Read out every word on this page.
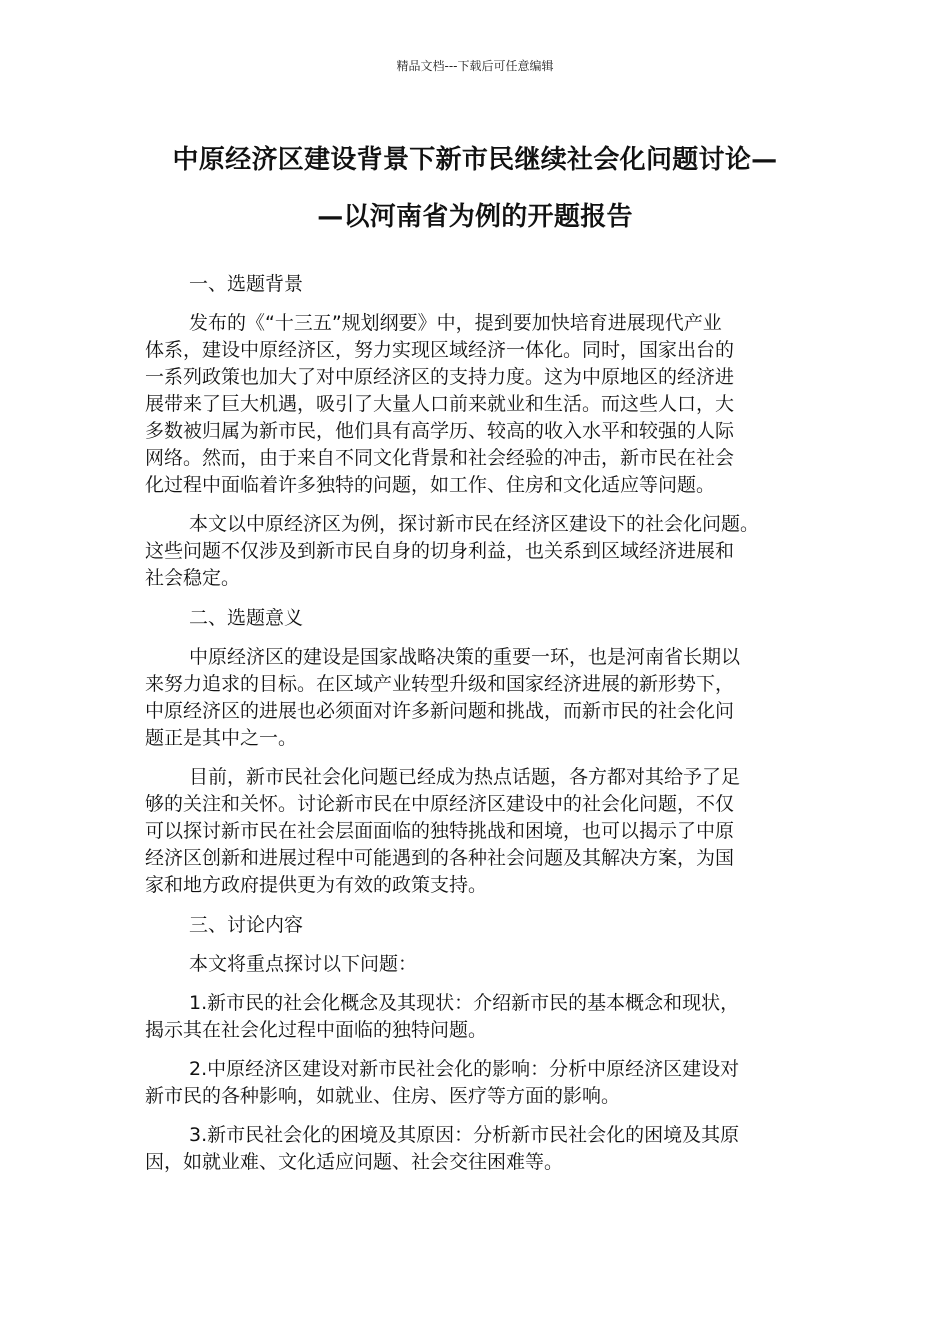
精品文档---下载后可任意编辑
中原经济区建设背景下新市民继续社会化问题讨论—
—以河南省为例的开题报告
一、选题背景
发布的《“十三五”规划纲要》中，提到要加快培育进展现代产业
体系，建设中原经济区，努力实现区域经济一体化。同时，国家出台的
一系列政策也加大了对中原经济区的支持力度。这为中原地区的经济进
展带来了巨大机遇，吸引了大量人口前来就业和生活。而这些人口，大
多数被归属为新市民，他们具有高学历、较高的收入水平和较强的人际
网络。然而，由于来自不同文化背景和社会经验的冲击，新市民在社会
化过程中面临着许多独特的问题，如工作、住房和文化适应等问题。
本文以中原经济区为例，探讨新市民在经济区建设下的社会化问题。
这些问题不仅涉及到新市民自身的切身利益，也关系到区域经济进展和
社会稳定。
二、选题意义
中原经济区的建设是国家战略决策的重要一环，也是河南省长期以
来努力追求的目标。在区域产业转型升级和国家经济进展的新形势下，
中原经济区的进展也必须面对许多新问题和挑战，而新市民的社会化问
题正是其中之一。
目前，新市民社会化问题已经成为热点话题，各方都对其给予了足
够的关注和关怀。讨论新市民在中原经济区建设中的社会化问题，不仅
可以探讨新市民在社会层面面临的独特挑战和困境，也可以揭示了中原
经济区创新和进展过程中可能遇到的各种社会问题及其解决方案，为国
家和地方政府提供更为有效的政策支持。
三、讨论内容
本文将重点探讨以下问题：
1.新市民的社会化概念及其现状：介绍新市民的基本概念和现状，
揭示其在社会化过程中面临的独特问题。
2.中原经济区建设对新市民社会化的影响：分析中原经济区建设对
新市民的各种影响，如就业、住房、医疗等方面的影响。
3.新市民社会化的困境及其原因：分析新市民社会化的困境及其原
因，如就业难、文化适应问题、社会交往困难等。
